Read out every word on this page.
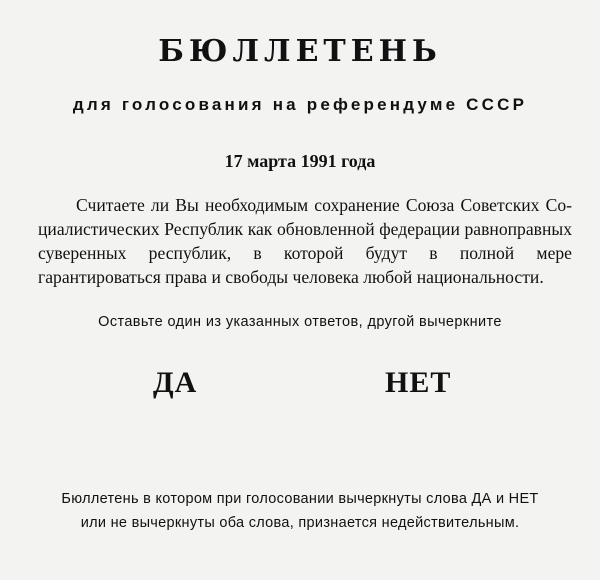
БЮЛЛЕТЕНЬ
для голосования на референдуме СССР
17 марта 1991 года

Считаете ли Вы необходимым сохранение Союза Советских Социалистических Республик как обновленной федерации равноправных суверенных республик, в которой будут в полной мере гарантироваться права и свободы человека любой национальности.

Оставьте один из указанных ответов, другой вычеркните
ДА	НЕТ
Бюллетень в котором при голосовании вычеркнуты слова ДА и НЕТ
или не вычеркнуты оба слова, признается недействительным.
